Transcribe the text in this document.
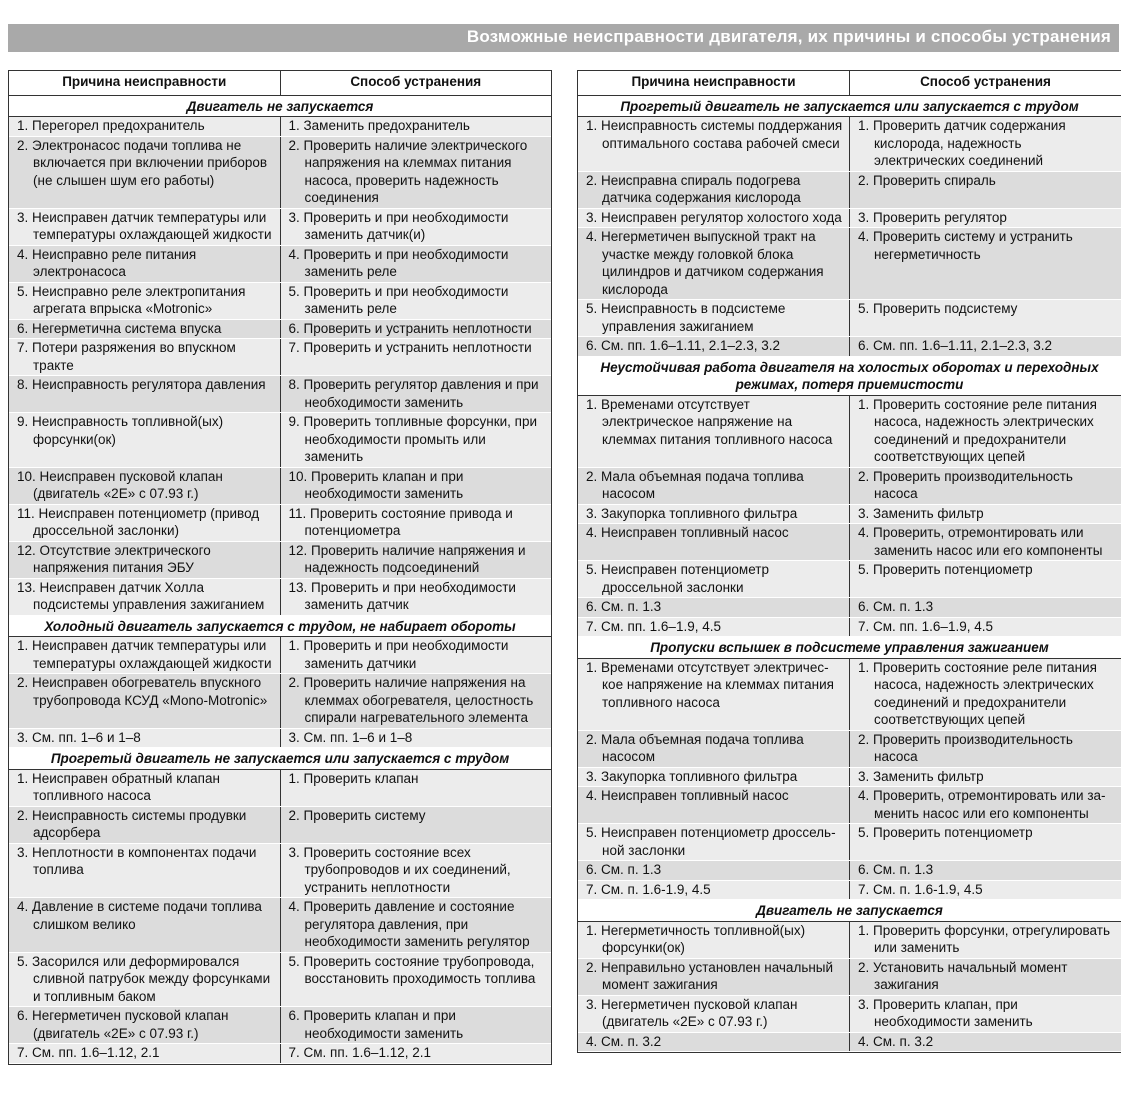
Возможные неисправности двигателя, их причины и способы устранения
Причина неисправности	Способ устранения
Двигатель не запускается	

1. Перегорел предохранитель	1. Заменить предохранитель

2. Электронасос подачи топлива не включается при включении приборов (не слышен шум его работы)	2. Проверить наличие электрического напряжения на клеммах питания насоса, проверить надежность соединения

3. Неисправен датчик температуры или температуры охлаждающей жидкости	3. Проверить и при необходимости заменить датчик(и)

4. Неисправно реле питания электронасоса	4. Проверить и при необходимости заменить реле

5. Неисправно реле электропитания агрегата впрыска «Motronic»	5. Проверить и при необходимости заменить реле

6. Негерметична система впуска	6. Проверить и устранить неплотности

7. Потери разряжения во впускном тракте	7. Проверить и устранить неплотности

8. Неисправность регулятора давления	8. Проверить регулятор давления и при необходимости заменить

9. Неисправность топливной(ых) форсунки(ок)	9. Проверить топливные форсунки, при необходимости промыть или заменить

10. Неисправен пусковой клапан (двигатель «2E» с 07.93 г.)	10. Проверить клапан и при необходимости заменить

11. Неисправен потенциометр (привод дроссельной заслонки)	11. Проверить состояние привода и потенциометра

12. Отсутствие электрического напряжения питания ЭБУ	12. Проверить наличие напряжения и надежность подсоединений

13. Неисправен датчик Холла подсистемы управления зажиганием	13. Проверить и при необходимости заменить датчик

Холодный двигатель запускается с трудом, не набирает обороты	

1. Неисправен датчик температуры или температуры охлаждающей жидкости	1. Проверить и при необходимости заменить датчики

2. Неисправен обогреватель впускного трубопровода КСУД «Mono-Motronic»	2. Проверить наличие напряжения на клеммах обогревателя, целостность спирали нагревательного элемента

3. См. пп. 1–6 и 1–8	3. См. пп. 1–6 и 1–8

Прогретый двигатель не запускается или запускается с трудом	

1. Неисправен обратный клапан топливного насоса	1. Проверить клапан

2. Неисправность системы продувки адсорбера	2. Проверить систему

3. Неплотности в компонентах подачи топлива	3. Проверить состояние всех трубопроводов и их соединений, устранить неплотности

4. Давление в системе подачи топлива слишком велико	4. Проверить давление и состояние регулятора давления, при необходимости заменить регулятор

5. Засорился или деформировался сливной патрубок между форсунками и топливным баком	5. Проверить состояние трубопровода, восстановить проходимость топлива

6. Негерметичен пусковой клапан (двигатель «2E» с 07.93 г.)	6. Проверить клапан и при необходимости заменить

7. См. пп. 1.6–1.12, 2.1	7. См. пп. 1.6–1.12, 2.1
Причина неисправности	Способ устранения
Прогретый двигатель не запускается или запускается с трудом	

1. Неисправность системы поддержания оптимального состава рабочей смеси	1. Проверить датчик содержания кислорода, надежность электрических соединений

2. Неисправна спираль подогрева датчика содержания кислорода	2. Проверить спираль

3. Неисправен регулятор холостого хода	3. Проверить регулятор

4. Негерметичен выпускной тракт на участке между головкой блока цилиндров и датчиком содержания кислорода	4. Проверить систему и устранить негерметичность

5. Неисправность в подсистеме управления зажиганием	5. Проверить подсистему

6. См. пп. 1.6–1.11, 2.1–2.3, 3.2	6. См. пп. 1.6–1.11, 2.1–2.3, 3.2

Неустойчивая работа двигателя на холостых оборотах и переходных режимах, потеря приемистости	

1. Временами отсутствует электрическое напряжение на клеммах питания топливного насоса	1. Проверить состояние реле питания насоса, надежность электрических соединений и предохранители соответствующих цепей

2. Мала объемная подача топлива насосом	2. Проверить производительность насоса

3. Закупорка топливного фильтра	3. Заменить фильтр

4. Неисправен топливный насос	4. Проверить, отремонтировать или заменить насос или его компоненты

5. Неисправен потенциометр дроссельной заслонки	5. Проверить потенциометр

6. См. п. 1.3	6. См. п. 1.3

7. См. пп. 1.6–1.9, 4.5	7. См. пп. 1.6–1.9, 4.5

Пропуски вспышек в подсистеме управления зажиганием	

1. Временами отсутствует электрическое напряжение на клеммах питания топливного насоса	1. Проверить состояние реле питания насоса, надежность электрических соединений и предохранители соответствующих цепей

2. Мала объемная подача топлива насосом	2. Проверить производительность насоса

3. Закупорка топливного фильтра	3. Заменить фильтр

4. Неисправен топливный насос	4. Проверить, отремонтировать или заменить насос или его компоненты

5. Неисправен потенциометр дроссельной заслонки	5. Проверить потенциометр

6. См. п. 1.3	6. См. п. 1.3

7. См. п. 1.6-1.9, 4.5	7. См. п. 1.6-1.9, 4.5

Двигатель не запускается	

1. Негерметичность топливной(ых) форсунки(ок)	1. Проверить форсунки, отрегулировать или заменить

2. Неправильно установлен начальный момент зажигания	2. Установить начальный момент зажигания

3. Негерметичен пусковой клапан (двигатель «2E» с 07.93 г.)	3. Проверить клапан, при необходимости заменить

4. См. п. 3.2	4. См. п. 3.2
